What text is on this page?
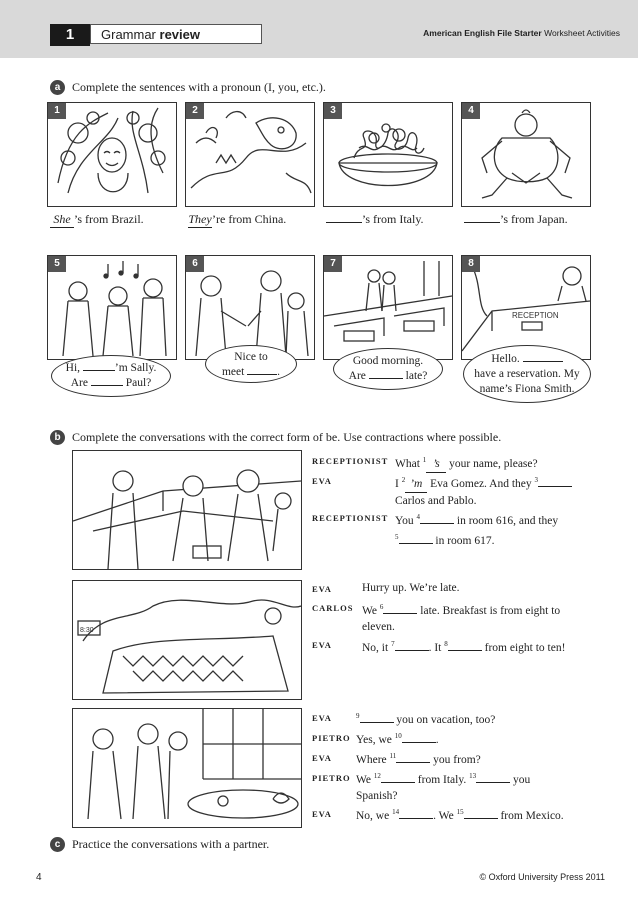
1	Grammar review	American English File Starter Worksheet Activities
a Complete the sentences with a pronoun (I, you, etc.).
1
She ’s from Brazil.
2
They’re from China.
3
’s from Italy.
4
’s from Japan.
5
Hi,	’m Sally.
Are	Paul?
6
Nice to
meet	.
7
Good morning.
Are	late?
RECEPTION
8
Hello.
have a reservation. My
name’s Fiona Smith.
b Complete the conversations with the correct form of be. Use contractions where possible.
RECEPTIONIST What $^1$ ’s your name, please?
EVA	I $^2$ ’m Eva Gomez. And they $^3$
Carlos and Pablo.
RECEPTIONIST You $^4$	in room 616, and they
$^5$	in room 617.
8:30
EVA	Hurry up. We’re late.
CARLOS We $^6$	late. Breakfast is from eight to
eleven.
EVA	No, it $^7$	. It $^8$	from eight to ten!
EVA	$^9$	you on vacation, too?
PIETRO Yes, we $^{10}$	.
EVA Where $^{11}$	you from?
PIETRO We $^{12}$	from Italy. $^{13}$	you
Spanish?
EVA No, we $^{14}$	. We $^{15}$	from Mexico.
c Practice the conversations with a partner.
4	© Oxford University Press 2011
